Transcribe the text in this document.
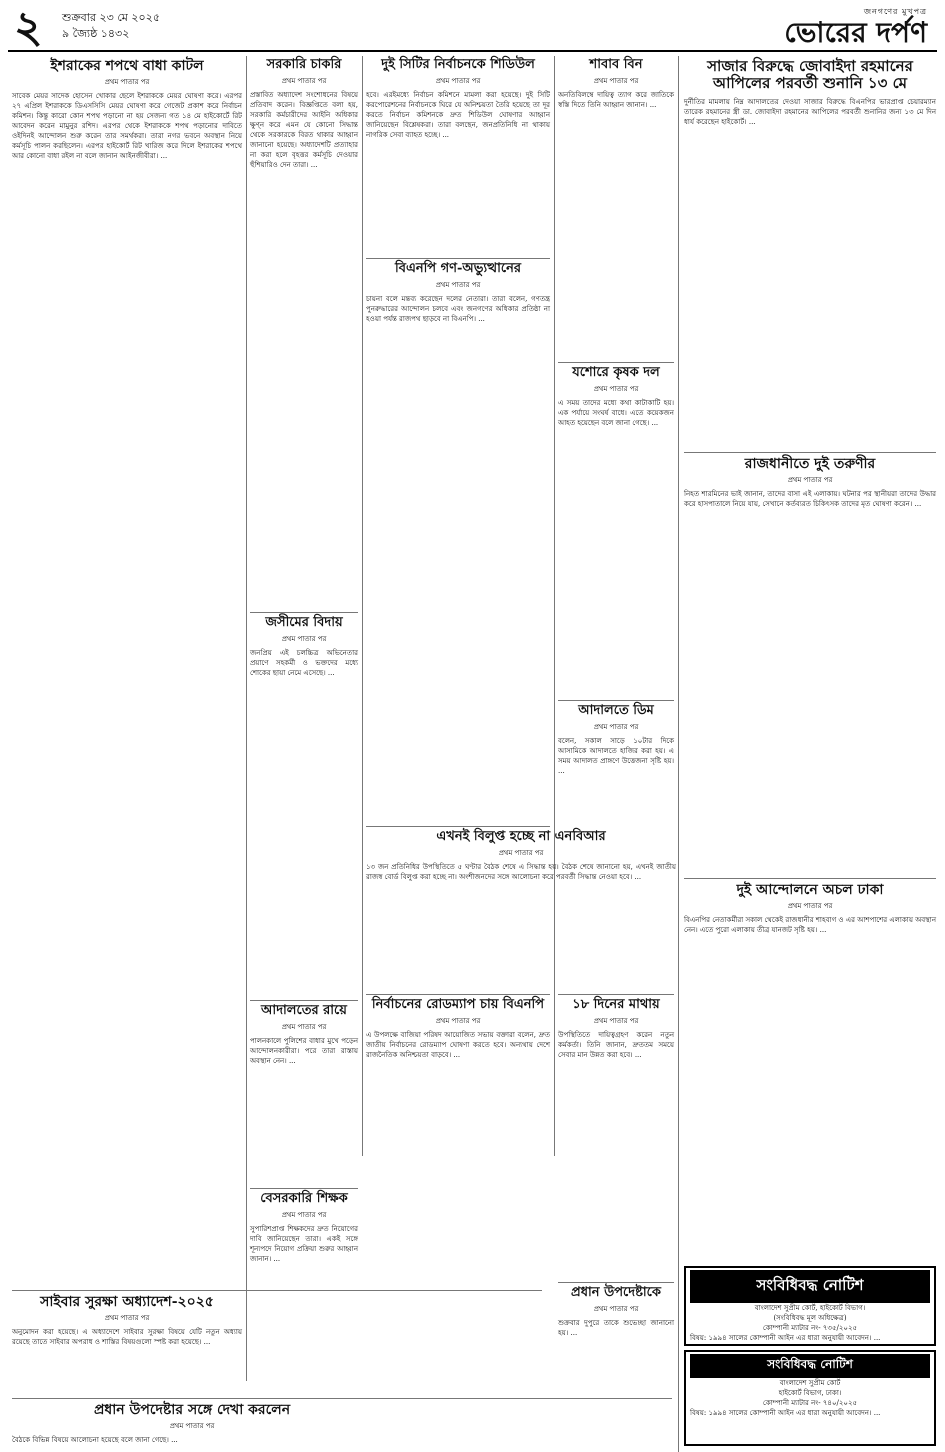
২ শুক্রবার ২৩ মে ২০২৫
৯ জ্যৈষ্ঠ ১৪৩২
জনগণের মুখপত্র
ভোরের দর্পণ
ইশরাকের শপথে বাধা কাটল
প্রথম পাতার পর
সাবেক মেয়র সাদেক হোসেন খোকার ছেলে ইশরাককে মেয়র ঘোষণা করে। এরপর ২৭ এপ্রিল ইশরাককে ডিএসসিসি মেয়র ঘোষণা করে গেজেট প্রকাশ করে নির্বাচন কমিশন। কিন্তু কারো কোন শপথ পড়ানো না হয় সেজন্য গত ১৪ মে হাইকোর্টে রিট আবেদন করেন মামুনুর রশিদ। এরপর থেকে ইশরাককে শপথ পড়ানোর দাবিতে ওইদিনই আন্দোলন শুরু করেন তার সমর্থকরা। তারা নগর ভবনে অবস্থান নিয়ে কর্মসূচি পালন করছিলেন। এরপর হাইকোর্ট রিট খারিজ করে দিলে ইশরাকের শপথে আর কোনো বাধা রইল না বলে জানান আইনজীবীরা। ...
সাইবার সুরক্ষা অধ্যাদেশ-২০২৫
প্রথম পাতার পর
অনুমোদন করা হয়েছে। এ অধ্যাদেশে সাইবার সুরক্ষা বিষয়ে যেটি নতুন অধ্যায় রয়েছে তাতে সাইবার অপরাধ ও শাস্তির বিষয়গুলো স্পষ্ট করা হয়েছে। ...
প্রধান উপদেষ্টার সঙ্গে দেখা করলেন
প্রথম পাতার পর
বৈঠকে বিভিন্ন বিষয়ে আলোচনা হয়েছে বলে জানা গেছে। ...
সরকারি চাকরি
প্রথম পাতার পর
প্রস্তাবিত অধ্যাদেশ সংশোধনের বিষয়ে প্রতিবাদ করেন। বিজ্ঞপ্তিতে বলা হয়, সরকারি কর্মচারীদের আইনি অধিকার ক্ষুণ্ন করে এমন যে কোনো সিদ্ধান্ত থেকে সরকারকে বিরত থাকার আহ্বান জানানো হয়েছে। অধ্যাদেশটি প্রত্যাহার না করা হলে বৃহত্তর কর্মসূচি দেওয়ার হুঁশিয়ারিও দেন তারা। ...
জসীমের বিদায়
প্রথম পাতার পর
জনপ্রিয় এই চলচ্চিত্র অভিনেতার প্রয়াণে সহকর্মী ও ভক্তদের মধ্যে শোকের ছায়া নেমে এসেছে। ...
আদালতের রায়ে
প্রথম পাতার পর
পালনকালে পুলিশের বাধার মুখে পড়েন আন্দোলনকারীরা। পরে তারা রাস্তায় অবস্থান নেন। ...
বেসরকারি শিক্ষক
প্রথম পাতার পর
সুপারিশপ্রাপ্ত শিক্ষকদের দ্রুত নিয়োগের দাবি জানিয়েছেন তারা। একই সঙ্গে শূন্যপদে নিয়োগ প্রক্রিয়া শুরুর আহ্বান জানান। ...
দুই সিটির নির্বাচনকে শিডিউল
প্রথম পাতার পর
হবে। এরইমধ্যে নির্বাচন কমিশনে মামলা করা হয়েছে। দুই সিটি করপোরেশনের নির্বাচনকে ঘিরে যে অনিশ্চয়তা তৈরি হয়েছে তা দূর করতে নির্বাচন কমিশনকে দ্রুত শিডিউল ঘোষণার আহ্বান জানিয়েছেন বিশ্লেষকরা। তারা বলছেন, জনপ্রতিনিধি না থাকায় নাগরিক সেবা ব্যাহত হচ্ছে। ...
বিএনপি গণ-অভ্যুত্থানের
প্রথম পাতার পর
চায়না বলে মন্তব্য করেছেন দলের নেতারা। তারা বলেন, গণতন্ত্র পুনরুদ্ধারের আন্দোলন চলবে এবং জনগণের অধিকার প্রতিষ্ঠা না হওয়া পর্যন্ত রাজপথ ছাড়বে না বিএনপি। ...
এখনই বিলুপ্ত হচ্ছে না এনবিআর
প্রথম পাতার পর
১৩ জন প্রতিনিধির উপস্থিতিতে ৫ ঘণ্টার বৈঠক শেষে এ সিদ্ধান্ত হয়। বৈঠক শেষে জানানো হয়, এখনই জাতীয় রাজস্ব বোর্ড বিলুপ্ত করা হচ্ছে না। অংশীজনদের সঙ্গে আলোচনা করে পরবর্তী সিদ্ধান্ত নেওয়া হবে। ...
নির্বাচনের রোডম্যাপ চায় বিএনপি
প্রথম পাতার পর
এ উপলক্ষে বাজিয়া পরিষদ আয়োজিত সভায় বক্তারা বলেন, দ্রুত জাতীয় নির্বাচনের রোডম্যাপ ঘোষণা করতে হবে। অন্যথায় দেশে রাজনৈতিক অনিশ্চয়তা বাড়বে। ...
শাবাব বিন
প্রথম পাতার পর
অনতিবিলম্বে দায়িত্ব ত্যাগ করে জাতিকে স্বস্তি দিতে তিনি আহ্বান জানান। ...
যশোরে কৃষক দল
প্রথম পাতার পর
এ সময় তাদের মধ্যে কথা কাটাকাটি হয়। এক পর্যায়ে সংঘর্ষ বাধে। এতে কয়েকজন আহত হয়েছেন বলে জানা গেছে। ...
আদালতে ডিম
প্রথম পাতার পর
বলেন, সকাল সাড়ে ১০টার দিকে আসামিকে আদালতে হাজির করা হয়। এ সময় আদালত প্রাঙ্গণে উত্তেজনা সৃষ্টি হয়। ...
১৮ দিনের মাথায়
প্রথম পাতার পর
উপস্থিতিতে দায়িত্বগ্রহণ করেন নতুন কর্মকর্তা। তিনি জানান, দ্রুততম সময়ে সেবার মান উন্নত করা হবে। ...
প্রধান উপদেষ্টাকে
প্রথম পাতার পর
শুক্রবার দুপুরে তাকে শুভেচ্ছা জানানো হয়। ...
সাজার বিরুদ্ধে জোবাইদা রহমানের আপিলের পরবর্তী শুনানি ১৩ মে
দুর্নীতির মামলায় নিম্ন আদালতের দেওয়া সাজার বিরুদ্ধে বিএনপির ভারপ্রাপ্ত চেয়ারম্যান তারেক রহমানের স্ত্রী ডা. জোবাইদা রহমানের আপিলের পরবর্তী শুনানির জন্য ১৩ মে দিন ধার্য করেছেন হাইকোর্ট। ...
রাজধানীতে দুই তরুণীর
প্রথম পাতার পর
নিহত শারমিনের ভাই জানান, তাদের বাসা এই এলাকায়। ঘটনার পর স্থানীয়রা তাদের উদ্ধার করে হাসপাতালে নিয়ে যায়, সেখানে কর্তব্যরত চিকিৎসক তাদের মৃত ঘোষণা করেন। ...
দুই আন্দোলনে অচল ঢাকা
প্রথম পাতার পর
বিএনপির নেতাকর্মীরা সকাল থেকেই রাজধানীর শাহবাগ ও এর আশপাশের এলাকায় অবস্থান নেন। এতে পুরো এলাকায় তীব্র যানজট সৃষ্টি হয়। ...
সংবিধিবদ্ধ নোটিশ
বাংলাদেশ সুপ্রীম কোর্ট, হাইকোর্ট বিভাগ।
(সংবিধিবদ্ধ মূল অধিক্ষেত্র)
কোম্পানী ম্যাটার নং- ৭৩৫/২০২৫
বিষয়: ১৯৯৪ সালের কোম্পানী আইন এর ধারা অনুযায়ী আবেদন। ...
সংবিধিবদ্ধ নোটিশ
বাংলাদেশ সুপ্রীম কোর্ট
হাইকোর্ট বিভাগ, ঢাকা।
কোম্পানী ম্যাটার নং- ৭৪০/২০২৫
বিষয়: ১৯৯৪ সালের কোম্পানী আইন এর ধারা অনুযায়ী আবেদন। ...
